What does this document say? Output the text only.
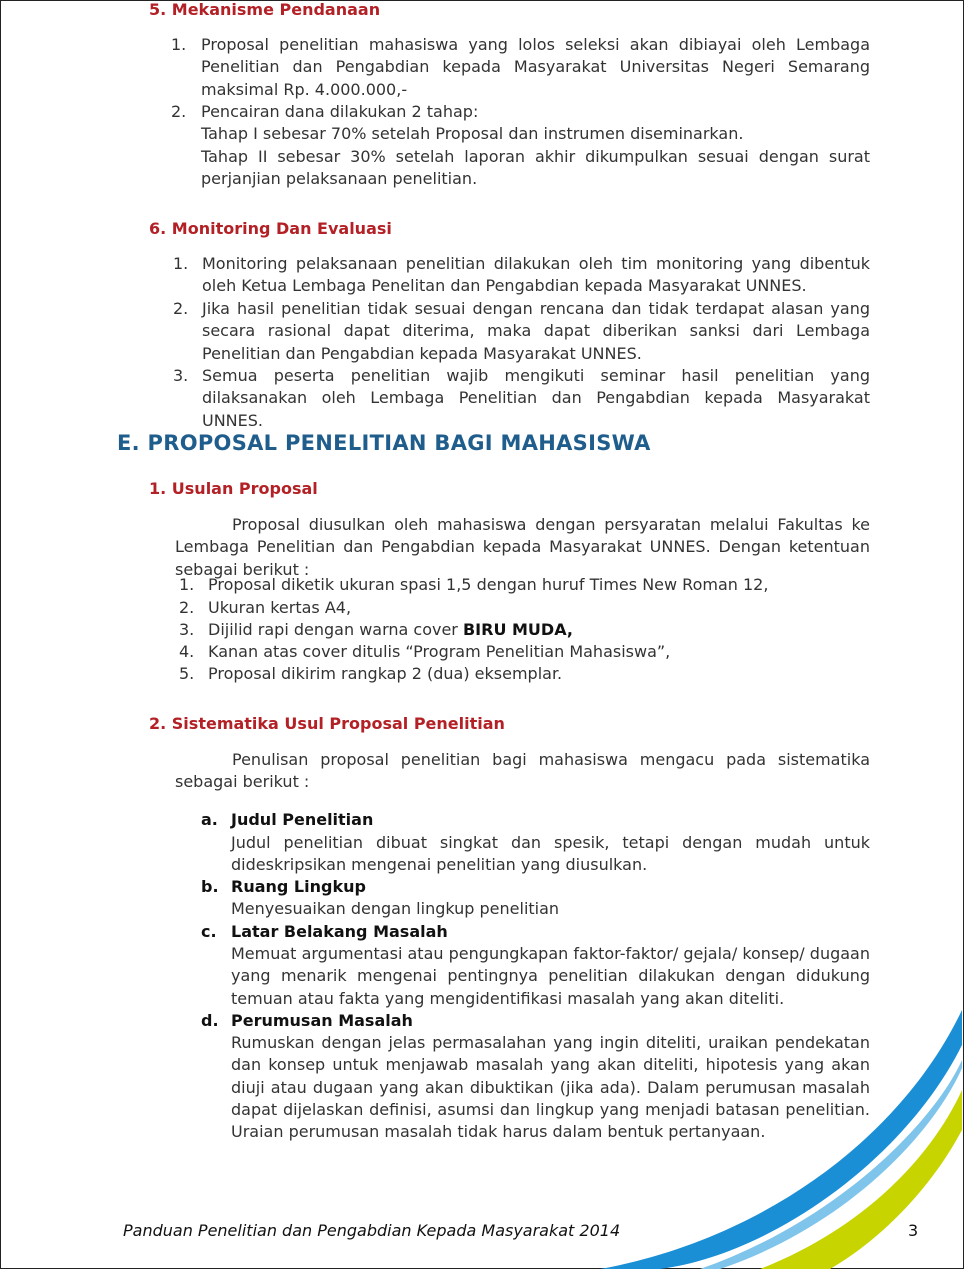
5. Mekanisme Pendanaan
1. Proposal penelitian mahasiswa yang lolos seleksi akan dibiayai oleh Lembaga Penelitian dan Pengabdian kepada Masyarakat Universitas Negeri Semarang maksimal Rp. 4.000.000,-
2. Pencairan dana dilakukan 2 tahap:
Tahap I sebesar 70% setelah Proposal dan instrumen diseminarkan.
Tahap II sebesar 30% setelah laporan akhir dikumpulkan sesuai dengan surat perjanjian pelaksanaan penelitian.
6. Monitoring Dan Evaluasi
1. Monitoring pelaksanaan penelitian dilakukan oleh tim monitoring yang dibentuk oleh Ketua Lembaga Penelitan dan Pengabdian kepada Masyarakat UNNES.
2. Jika hasil penelitian tidak sesuai dengan rencana dan tidak terdapat alasan yang secara rasional dapat diterima, maka dapat diberikan sanksi dari Lembaga Penelitian dan Pengabdian kepada Masyarakat UNNES.
3. Semua peserta penelitian wajib mengikuti seminar hasil penelitian yang dilaksanakan oleh Lembaga Penelitian dan Pengabdian kepada Masyarakat UNNES.
E. PROPOSAL PENELITIAN BAGI MAHASISWA
1. Usulan Proposal
Proposal diusulkan oleh mahasiswa dengan persyaratan melalui Fakultas ke Lembaga Penelitian dan Pengabdian kepada Masyarakat UNNES. Dengan ketentuan sebagai berikut :
1. Proposal diketik ukuran spasi 1,5 dengan huruf Times New Roman 12,
2. Ukuran kertas A4,
3. Dijilid rapi dengan warna cover BIRU MUDA,
4. Kanan atas cover ditulis “Program Penelitian Mahasiswa”,
5. Proposal dikirim rangkap 2 (dua) eksemplar.
2. Sistematika Usul Proposal Penelitian
Penulisan proposal penelitian bagi mahasiswa mengacu pada sistematika sebagai berikut :
a. Judul Penelitian
Judul penelitian dibuat singkat dan spesik, tetapi dengan mudah untuk dideskripsikan mengenai penelitian yang diusulkan.
b. Ruang Lingkup
Menyesuaikan dengan lingkup penelitian
c. Latar Belakang Masalah
Memuat argumentasi atau pengungkapan faktor-faktor/ gejala/ konsep/ dugaan yang menarik mengenai pentingnya penelitian dilakukan dengan didukung temuan atau fakta yang mengidentifikasi masalah yang akan diteliti.
d. Perumusan Masalah
Rumuskan dengan jelas permasalahan yang ingin diteliti, uraikan pendekatan dan konsep untuk menjawab masalah yang akan diteliti, hipotesis yang akan diuji atau dugaan yang akan dibuktikan (jika ada). Dalam perumusan masalah dapat dijelaskan definisi, asumsi dan lingkup yang menjadi batasan penelitian. Uraian perumusan masalah tidak harus dalam bentuk pertanyaan.
Panduan Penelitian dan Pengabdian Kepada Masyarakat 2014	3
